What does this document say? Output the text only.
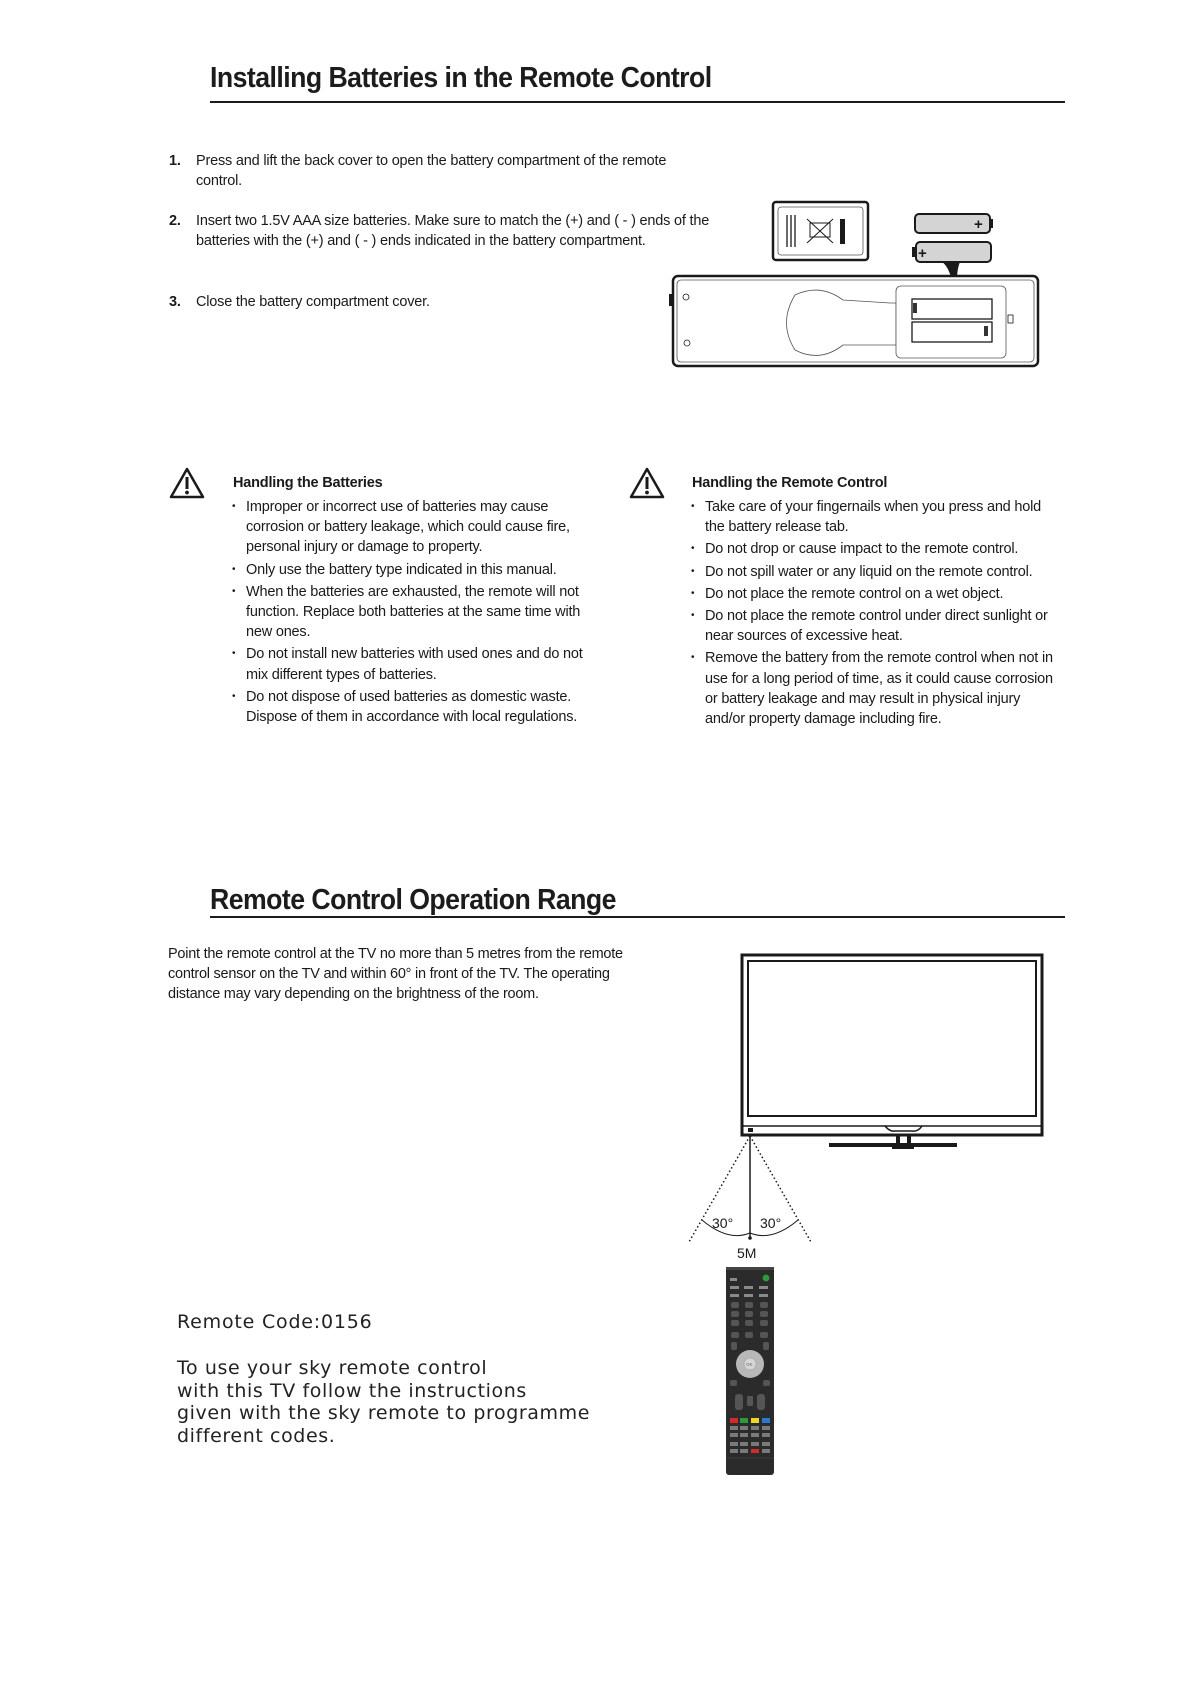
Installing Batteries in the Remote Control
1. Press and lift the back cover to open the battery compartment of the remote control.
2. Insert two 1.5V AAA size batteries. Make sure to match the (+) and ( - ) ends of the batteries with the (+) and ( - ) ends indicated in the battery compartment.
3. Close the battery compartment cover.
+
+
Handling the Batteries
• Improper or incorrect use of batteries may cause corrosion or battery leakage, which could cause fire, personal injury or damage to property.
• Only use the battery type indicated in this manual.
• When the batteries are exhausted, the remote will not function. Replace both batteries at the same time with new ones.
• Do not install new batteries with used ones and do not mix different types of batteries.
• Do not dispose of used batteries as domestic waste. Dispose of them in accordance with local regulations.
Handling the Remote Control
• Take care of your fingernails when you press and hold the battery release tab.
• Do not drop or cause impact to the remote control.
• Do not spill water or any liquid on the remote control.
• Do not place the remote control on a wet object.
• Do not place the remote control under direct sunlight or near sources of excessive heat.
• Remove the battery from the remote control when not in use for a long period of time, as it could cause corrosion or battery leakage and may result in physical injury and/or property damage including fire.
Remote Control Operation Range
Point the remote control at the TV no more than 5 metres from the remote control sensor on the TV and within 60° in front of the TV. The operating distance may vary depending on the brightness of the room.
30° 30°
5M
Remote Code:0156
To use your sky remote control
with this TV follow the instructions
given with the sky remote to programme
different codes.
OK
